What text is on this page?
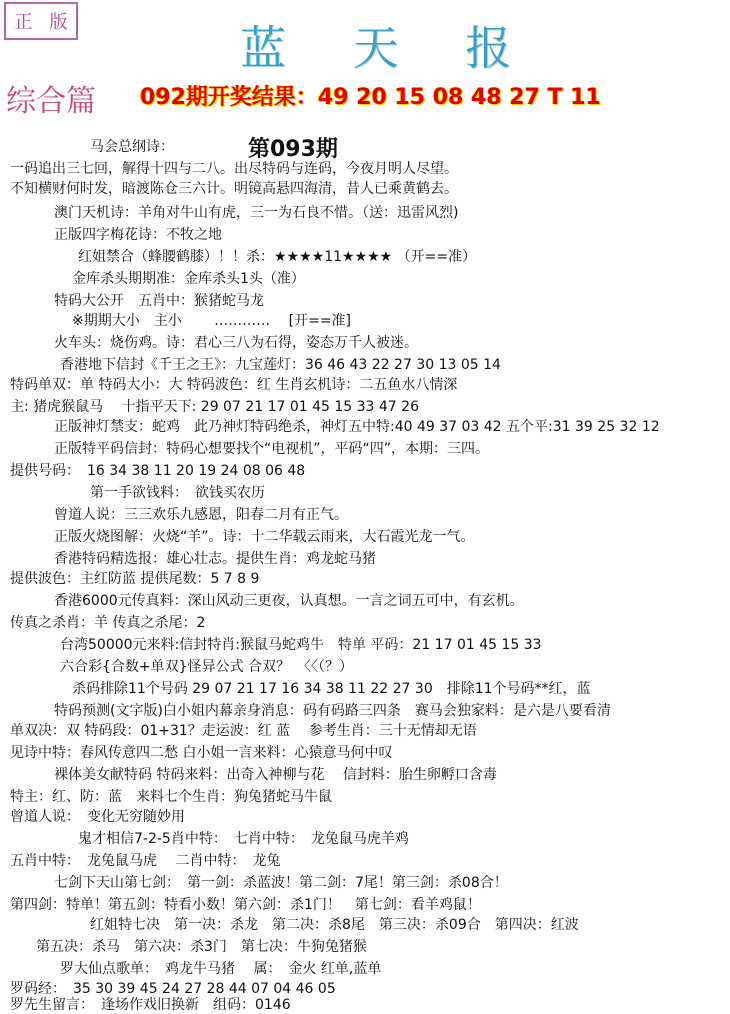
正 版	蓝 天 报
综合篇 092期开奖结果：49 20 15 08 48 27 T 11
第093期
马会总纲诗：
一码追出三七回，解得十四与二八。出尽特码与连码，今夜月明人尽望。
不知横财何时发，暗渡陈仓三六计。明镜高悬四海清，昔人已乘黄鹤去。
澳门天机诗：羊角对牛山有虎，三一为石良不惜。（送：迅雷风烈)
正版四字梅花诗：不牧之地
红姐禁合（蜂腰鹤膝）！！杀：★★★★11★★★★ （开==准）
金库杀头期期准：金库杀头1头（准）
特码大公开　五肖中：猴猪蛇马龙
※期期大小　主小　　 ………… 　[开==准]
火车头：烧伤鸡。诗：君心三八为石得，姿态万千人被迷。
香港地下信封《千王之王》：九宝莲灯：36 46 43 22 27 30 13 05 14
特码单双：单 特码大小：大 特码波色：红 生肖玄机诗：二五鱼水八情深
主: 猪虎猴鼠马　 十指平天下: 29 07 21 17 01 45 15 33 47 26
正版神灯禁支：蛇鸡　此乃神灯特码绝杀，神灯五中特:40 49 37 03 42 五个平:31 39 25 32 12
正版特平码信封：特码心想要找个“电视机”，平码“四”，本期：三四。
提供号码：　16 34 38 11 20 19 24 08 06 48
第一手欲钱料：　欲钱买农历
曾道人说：三三欢乐九感恩，阳春二月有正气。
正版火烧图解：火烧“羊”。诗：十二华载云雨来，大石霞光龙一气。
香港特码精选报：雄心壮志。提供生肖：鸡龙蛇马猪
提供波色：主红防蓝 提供尾数：5 7 8 9
香港6000元传真料：深山风动三更夜，认真想。一言之词五可中，有玄机。
传真之杀肖：羊 传真之杀尾：2
台湾50000元来料:信封特肖:猴鼠马蛇鸡牛　特单 平码：21 17 01 45 15 33
六合彩{合数+单双}怪异公式 合双？　〈〈（？）
杀码排除11个号码 29 07 21 17 16 34 38 11 22 27 30　排除11个号码**红，蓝
特码预测(文字版)白小姐内幕亲身消息：码有码路三四条　赛马会独家料：是六是八要看清
单双决：双 特码段：01+31？走运波：红 蓝　 参考生肖：三十无情却无语
见诗中特：春风传意四二愁 白小姐一言来料：心猿意马何中叹
裸体美女献特码 特码来料：出奇入神柳与花　 信封料：胎生卵孵口含毒
特主：红、防：蓝　来料七个生肖：狗兔猪蛇马牛鼠
曾道人说：　变化无穷随妙用
鬼才相信7-2-5肖中特：　七肖中特：　龙兔鼠马虎羊鸡
五肖中特：　龙兔鼠马虎　 二肖中特：　龙兔
七剑下天山第七剑：　第一剑：杀蓝波！第二剑：7尾！第三剑：杀08合！
第四剑：特单！第五剑：特看小数！第六剑：杀1门！　第七剑：看羊鸡鼠！
红姐特七决　第一决：杀龙　第二决：杀8尾　第三决：杀09合　第四决：红波
第五决：杀马　第六决：杀3门　第七决：牛狗兔猪猴
罗大仙点歌单：　鸡龙牛马猪　 属：　金火 红单,蓝单
罗码经：　35 30 39 45 24 27 28 44 07 04 46 05
罗先生留言：　逢场作戏旧换新　组码：0146
